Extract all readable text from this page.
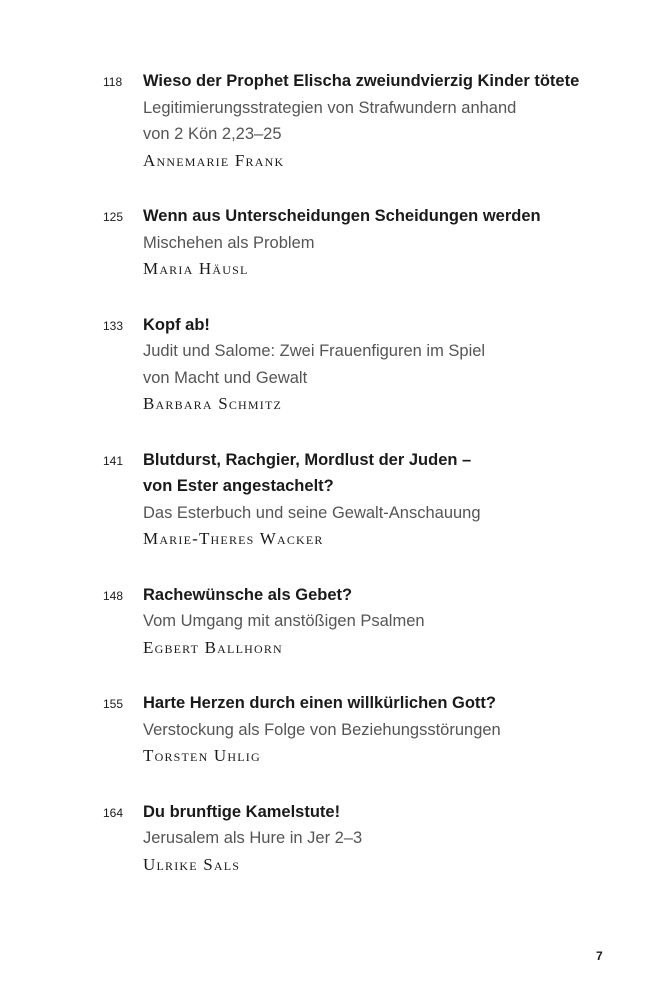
118 Wieso der Prophet Elischa zweiundvierzig Kinder tötete
Legitimierungsstrategien von Strafwundern anhand
von 2 Kön 2,23–25
Annemarie Frank
125 Wenn aus Unterscheidungen Scheidungen werden
Mischehen als Problem
Maria Häusl
133 Kopf ab!
Judit und Salome: Zwei Frauenfiguren im Spiel
von Macht und Gewalt
Barbara Schmitz
141 Blutdurst, Rachgier, Mordlust der Juden –
von Ester angestachelt?
Das Esterbuch und seine Gewalt-Anschauung
Marie-Theres Wacker
148 Rachewünsche als Gebet?
Vom Umgang mit anstößigen Psalmen
Egbert Ballhorn
155 Harte Herzen durch einen willkürlichen Gott?
Verstockung als Folge von Beziehungsstörungen
Torsten Uhlig
164 Du brunftige Kamelstute!
Jerusalem als Hure in Jer 2–3
Ulrike Sals
7
